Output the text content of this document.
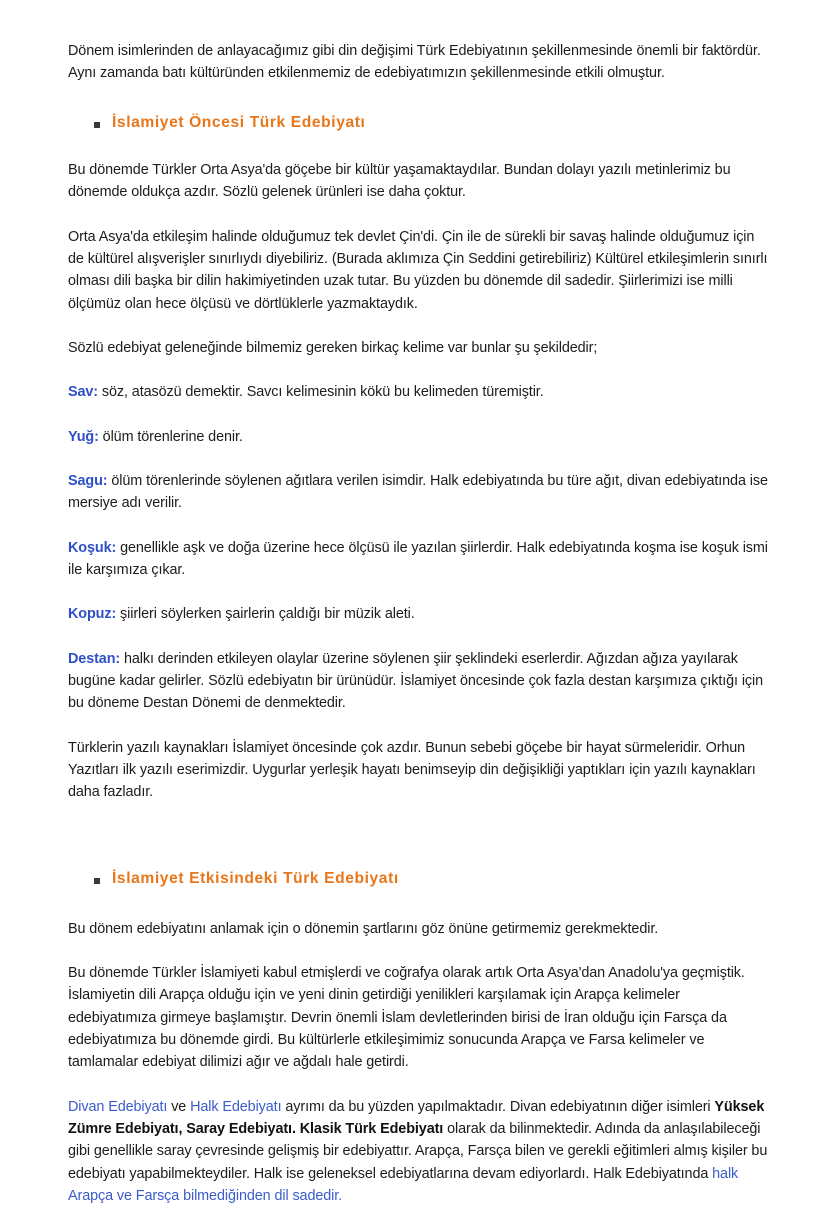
Dönem isimlerinden de anlayacağımız gibi din değişimi Türk Edebiyatının şekillenmesinde önemli bir faktördür. Aynı zamanda batı kültüründen etkilenmemiz de edebiyatımızın şekillenmesinde etkili olmuştur.

İslamiyet Öncesi Türk Edebiyatı

Bu dönemde Türkler Orta Asya'da göçebe bir kültür yaşamaktaydılar. Bundan dolayı yazılı metinlerimiz bu dönemde oldukça azdır. Sözlü gelenek ürünleri ise daha çoktur.

Orta Asya'da etkileşim halinde olduğumuz tek devlet Çin'di. Çin ile de sürekli bir savaş halinde olduğumuz için de kültürel alışverişler sınırlıydı diyebiliriz. (Burada aklımıza Çin Seddini getirebiliriz) Kültürel etkileşimlerin sınırlı olması dili başka bir dilin hakimiyetinden uzak tutar. Bu yüzden bu dönemde dil sadedir. Şiirlerimizi ise milli ölçümüz olan hece ölçüsü ve dörtlüklerle yazmaktaydık.

Sözlü edebiyat geleneğinde bilmemiz gereken birkaç kelime var bunlar şu şekildedir;

Sav: söz, atasözü demektir. Savcı kelimesinin kökü bu kelimeden türemiştir.

Yuğ: ölüm törenlerine denir.

Sagu: ölüm törenlerinde söylenen ağıtlara verilen isimdir. Halk edebiyatında bu türe ağıt, divan edebiyatında ise mersiye adı verilir.

Koşuk: genellikle aşk ve doğa üzerine hece ölçüsü ile yazılan şiirlerdir. Halk edebiyatında koşma ise koşuk ismi ile karşımıza çıkar.

Kopuz: şiirleri söylerken şairlerin çaldığı bir müzik aleti.

Destan: halkı derinden etkileyen olaylar üzerine söylenen şiir şeklindeki eserlerdir. Ağızdan ağıza yayılarak bugüne kadar gelirler. Sözlü edebiyatın bir ürünüdür. İslamiyet öncesinde çok fazla destan karşımıza çıktığı için bu döneme Destan Dönemi de denmektedir.

Türklerin yazılı kaynakları İslamiyet öncesinde çok azdır. Bunun sebebi göçebe bir hayat sürmeleridir. Orhun Yazıtları ilk yazılı eserimizdir. Uygurlar yerleşik hayatı benimseyip din değişikliği yaptıkları için yazılı kaynakları daha fazladır.

İslamiyet Etkisindeki Türk Edebiyatı

Bu dönem edebiyatını anlamak için o dönemin şartlarını göz önüne getirmemiz gerekmektedir.

Bu dönemde Türkler İslamiyeti kabul etmişlerdi ve coğrafya olarak artık Orta Asya'dan Anadolu'ya geçmiştik. İslamiyetin dili Arapça olduğu için ve yeni dinin getirdiği yenilikleri karşılamak için Arapça kelimeler edebiyatımıza girmeye başlamıştır. Devrin önemli İslam devletlerinden birisi de İran olduğu için Farsça da edebiyatımıza bu dönemde girdi. Bu kültürlerle etkileşimimiz sonucunda Arapça ve Farsa kelimeler ve tamlamalar edebiyat dilimizi ağır ve ağdalı hale getirdi.

Divan Edebiyatı ve Halk Edebiyatı ayrımı da bu yüzden yapılmaktadır. Divan edebiyatının diğer isimleri Yüksek Zümre Edebiyatı, Saray Edebiyatı. Klasik Türk Edebiyatı olarak da bilinmektedir. Adında da anlaşılabileceği gibi genellikle saray çevresinde gelişmiş bir edebiyattır. Arapça, Farsça bilen ve gerekli eğitimleri almış kişiler bu edebiyatı yapabilmekteydiler. Halk ise geleneksel edebiyatlarına devam ediyorlardı. Halk Edebiyatında halk Arapça ve Farsça bilmediğinden dil sadedir.
